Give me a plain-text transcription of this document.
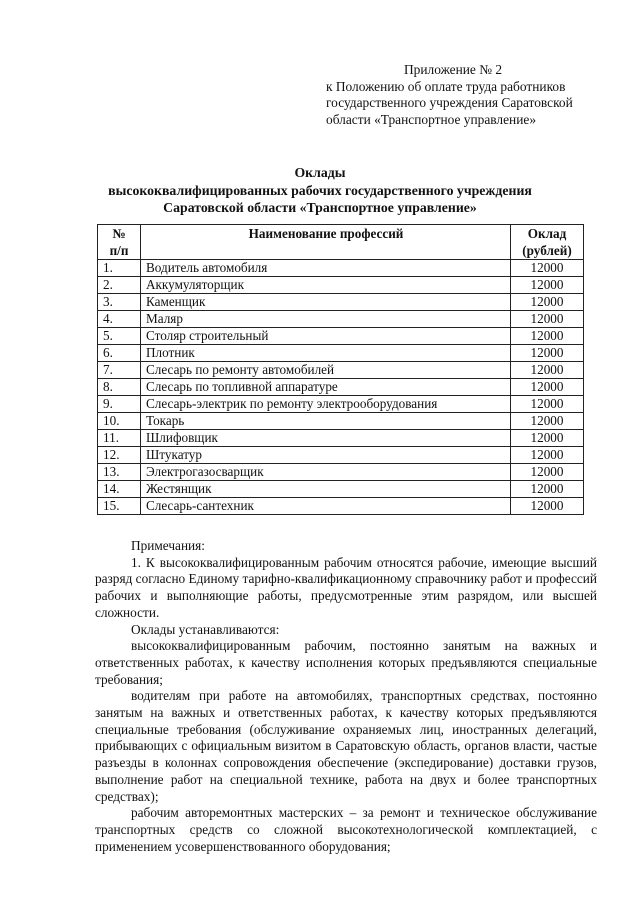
Приложение № 2
к Положению об оплате труда работников
государственного учреждения Саратовской
области «Транспортное управление»
Оклады
высококвалифицированных рабочих государственного учреждения
Саратовской области «Транспортное управление»
№
п/п	Наименование профессий	Оклад
(рублей)
1.	Водитель автомобиля	12000
2.	Аккумуляторщик	12000
3.	Каменщик	12000
4.	Маляр	12000
5.	Столяр строительный	12000
6.	Плотник	12000
7.	Слесарь по ремонту автомобилей	12000
8.	Слесарь по топливной аппаратуре	12000
9.	Слесарь-электрик по ремонту электрооборудования	12000
10.	Токарь	12000
11.	Шлифовщик	12000
12.	Штукатур	12000
13.	Электрогазосварщик	12000
14.	Жестянщик	12000
15.	Слесарь-сантехник	12000

Примечания:

1. К высококвалифицированным рабочим относятся рабочие, имеющие высший разряд согласно Единому тарифно-квалификационному справочнику работ и профессий рабочих и выполняющие работы, предусмотренные этим разрядом, или высшей сложности.

Оклады устанавливаются:

высококвалифицированным рабочим, постоянно занятым на важных и ответственных работах, к качеству исполнения которых предъявляются специальные требования;

водителям при работе на автомобилях, транспортных средствах, постоянно занятым на важных и ответственных работах, к качеству которых предъявляются специальные требования (обслуживание охраняемых лиц, иностранных делегаций, прибывающих с официальным визитом в Саратовскую область, органов власти, частые разъезды в колоннах сопровождения обеспечение (экспедирование) доставки грузов, выполнение работ на специальной технике, работа на двух и более транспортных средствах);

рабочим авторемонтных мастерских – за ремонт и техническое обслуживание транспортных средств со сложной высокотехнологической комплектацией, с применением усовершенствованного оборудования;
